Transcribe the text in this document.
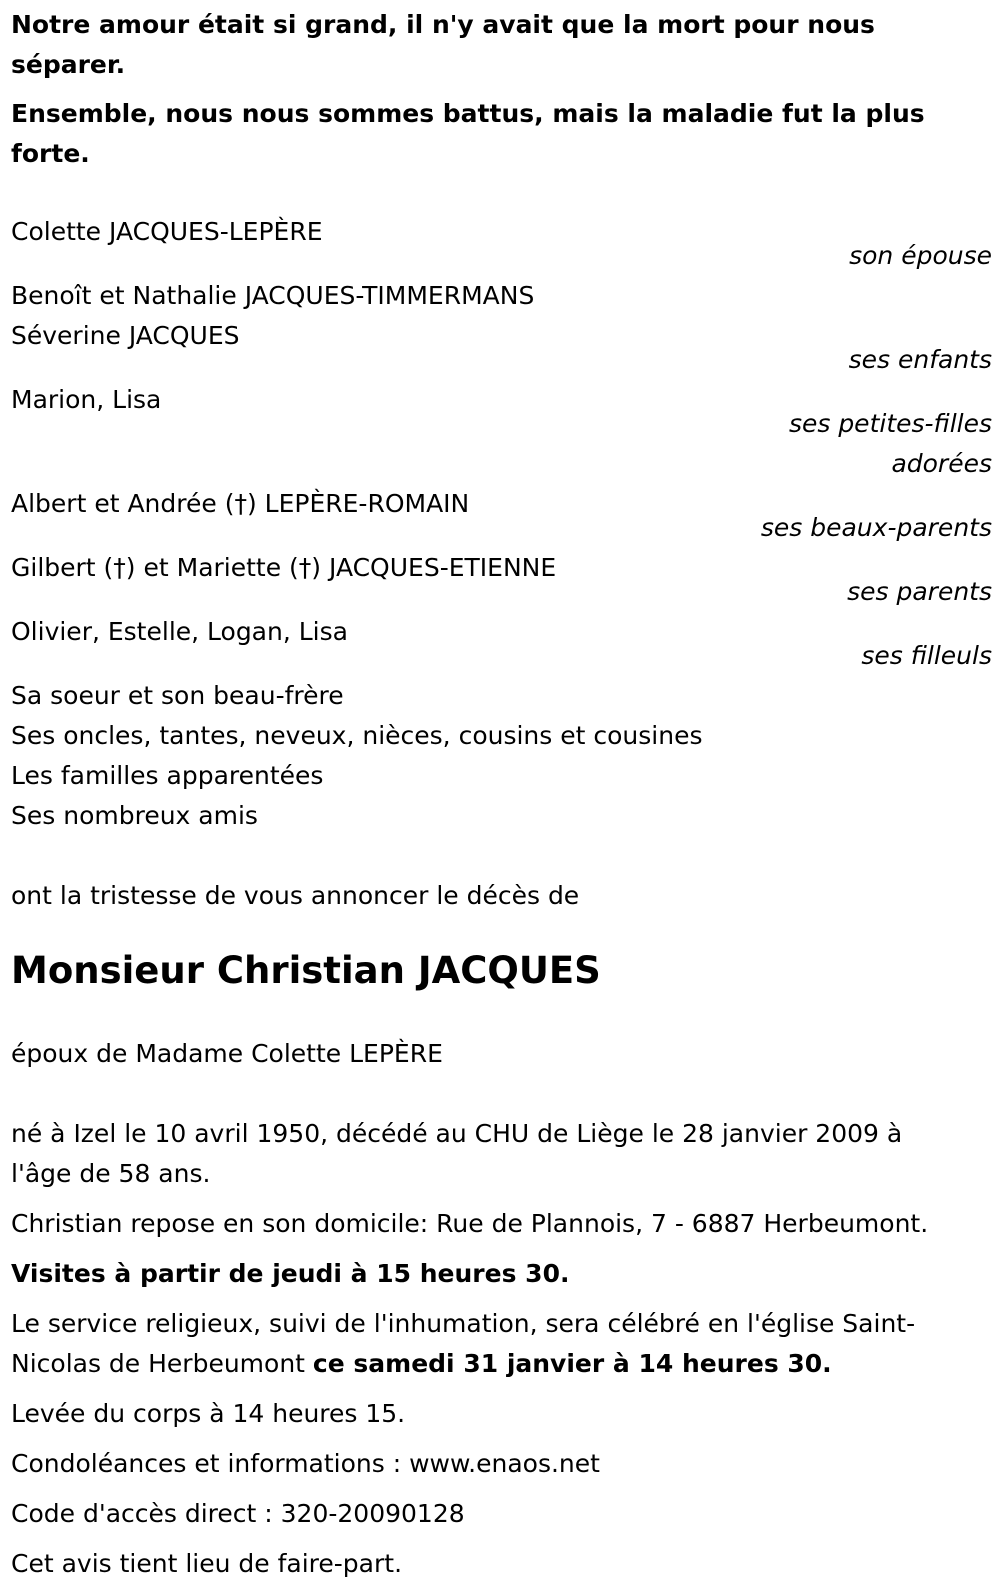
Notre amour était si grand, il n'y avait que la mort pour nous séparer.

Ensemble, nous nous sommes battus, mais la maladie fut la plus forte.

Colette JACQUES-LEPÈRE

son épouse

Benoît et Nathalie JACQUES-TIMMERMANS

Séverine JACQUES

ses enfants

Marion, Lisa

ses petites-filles

adorées

Albert et Andrée (†) LEPÈRE-ROMAIN

ses beaux-parents

Gilbert (†) et Mariette (†) JACQUES-ETIENNE

ses parents

Olivier, Estelle, Logan, Lisa

ses filleuls

Sa soeur et son beau-frère

Ses oncles, tantes, neveux, nièces, cousins et cousines

Les familles apparentées

Ses nombreux amis

ont la tristesse de vous annoncer le décès de

Monsieur Christian JACQUES

époux de Madame Colette LEPÈRE

né à Izel le 10 avril 1950, décédé au CHU de Liège le 28 janvier 2009 à

l'âge de 58 ans.

Christian repose en son domicile: Rue de Plannois, 7 - 6887 Herbeumont.

Visites à partir de jeudi à 15 heures 30.

Le service religieux, suivi de l'inhumation, sera célébré en l'église Saint-

Nicolas de Herbeumont ce samedi 31 janvier à 14 heures 30.

Levée du corps à 14 heures 15.

Condoléances et informations : www.enaos.net

Code d'accès direct : 320-20090128

Cet avis tient lieu de faire-part.
